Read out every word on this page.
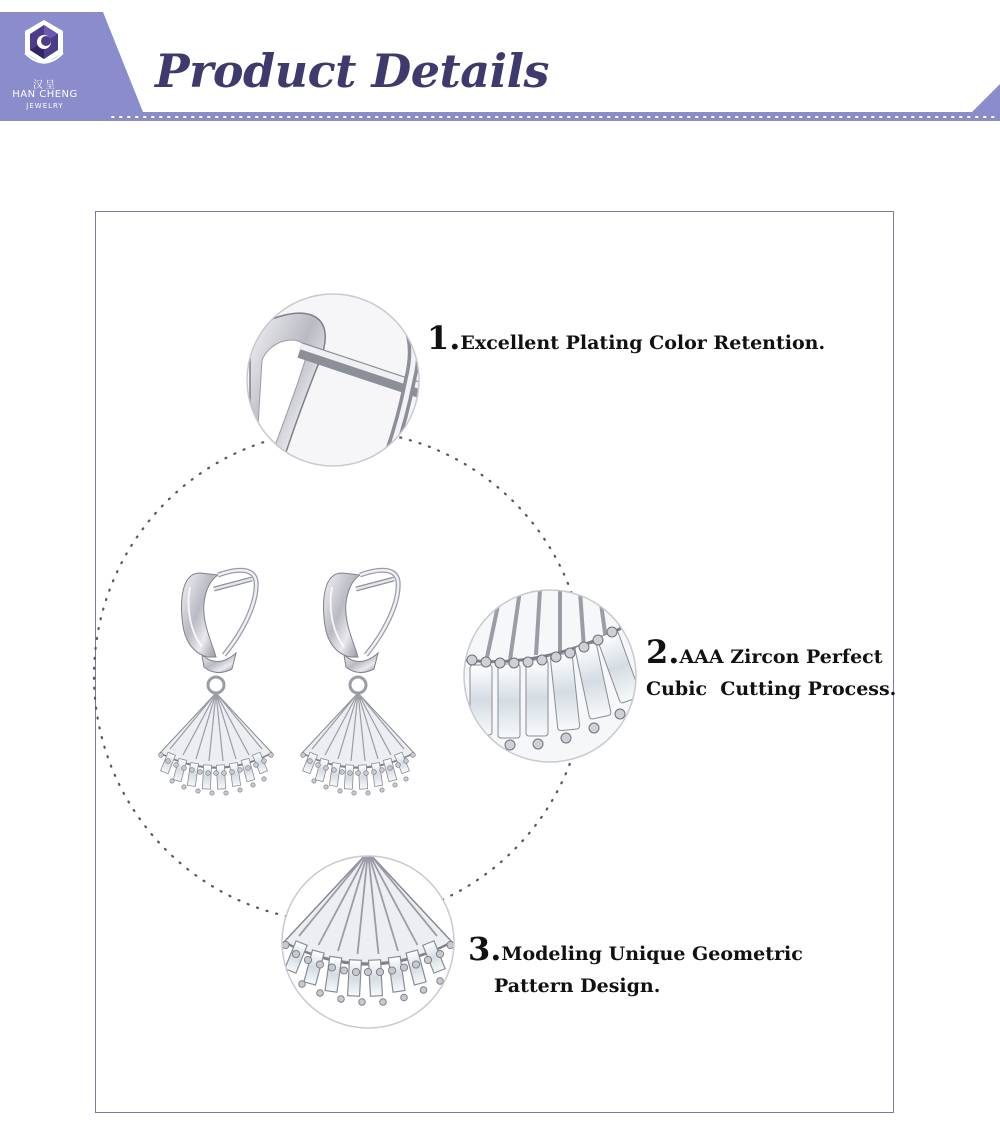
汉呈
HAN CHENG
JEWELRY
Product Details
1.Excellent Plating Color Retention.
2.AAA Zircon Perfect
Cubic  Cutting Process.
3.Modeling Unique Geometric
Pattern Design.
